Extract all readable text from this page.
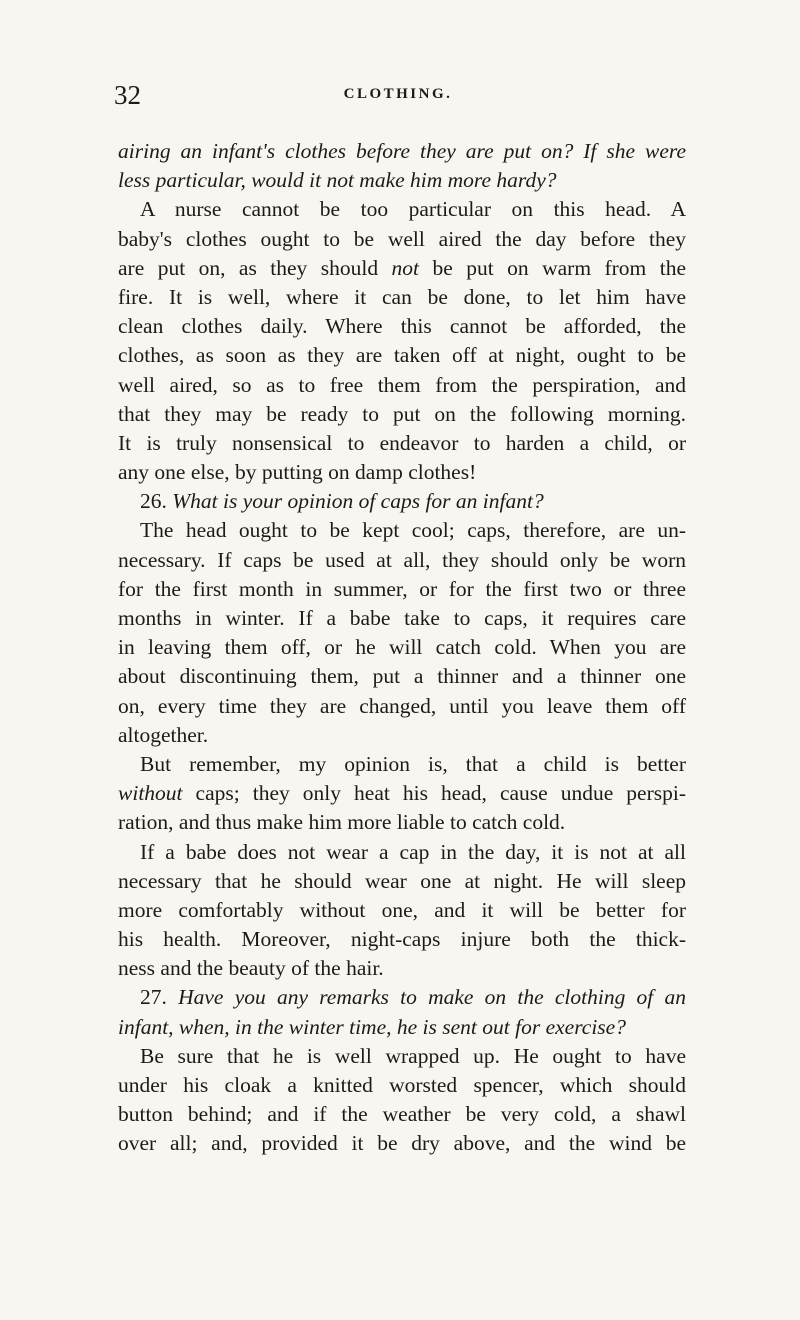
32	CLOTHING.
airing an infant's clothes before they are put on? If she were
less particular, would it not make him more hardy?
A nurse cannot be too particular on this head. A
baby's clothes ought to be well aired the day before they
are put on, as they should not be put on warm from the
fire. It is well, where it can be done, to let him have
clean clothes daily. Where this cannot be afforded, the
clothes, as soon as they are taken off at night, ought to be
well aired, so as to free them from the perspiration, and
that they may be ready to put on the following morning.
It is truly nonsensical to endeavor to harden a child, or
any one else, by putting on damp clothes!
26. What is your opinion of caps for an infant?
The head ought to be kept cool; caps, therefore, are un-
necessary. If caps be used at all, they should only be worn
for the first month in summer, or for the first two or three
months in winter. If a babe take to caps, it requires care
in leaving them off, or he will catch cold. When you are
about discontinuing them, put a thinner and a thinner one
on, every time they are changed, until you leave them off
altogether.
But remember, my opinion is, that a child is better
without caps; they only heat his head, cause undue perspi-
ration, and thus make him more liable to catch cold.
If a babe does not wear a cap in the day, it is not at all
necessary that he should wear one at night. He will sleep
more comfortably without one, and it will be better for
his health. Moreover, night-caps injure both the thick-
ness and the beauty of the hair.
27. Have you any remarks to make on the clothing of an
infant, when, in the winter time, he is sent out for exercise?
Be sure that he is well wrapped up. He ought to have
under his cloak a knitted worsted spencer, which should
button behind; and if the weather be very cold, a shawl
over all; and, provided it be dry above, and the wind be
